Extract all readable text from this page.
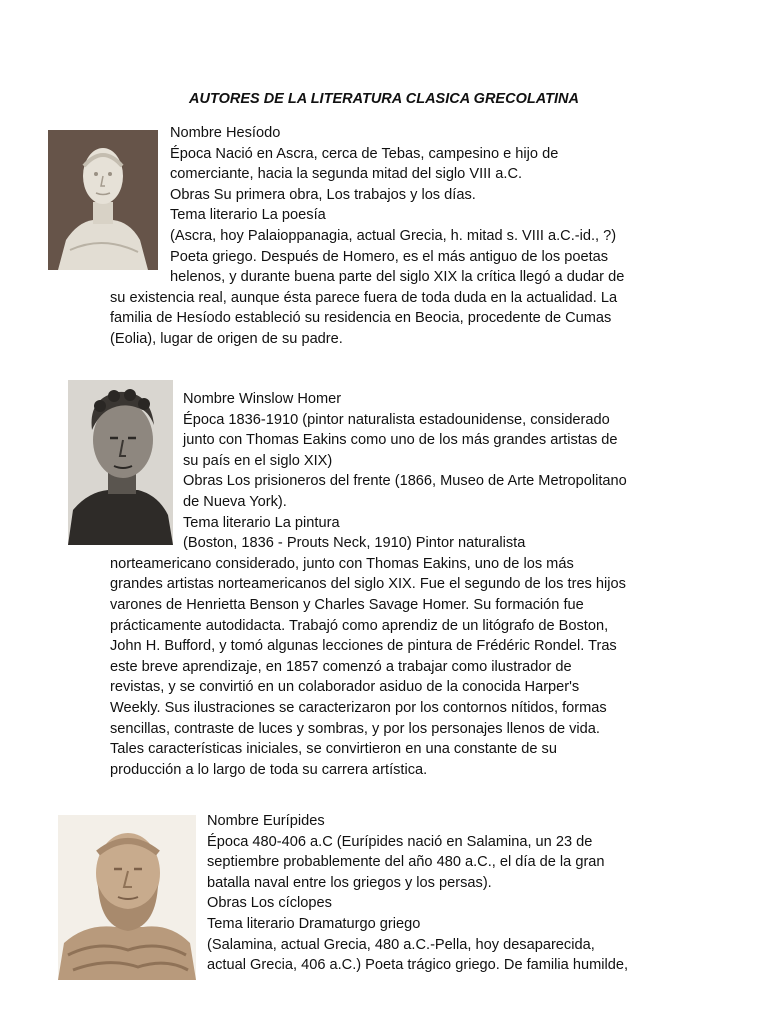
AUTORES DE LA LITERATURA CLASICA GRECOLATINA

Nombre Hesíodo

Época Nació en Ascra, cerca de Tebas, campesino e hijo de

comerciante, hacia la segunda mitad del siglo VIII a.C.

Obras Su primera obra, Los trabajos y los días.

Tema literario La poesía

(Ascra, hoy Palaioppanagia, actual Grecia, h. mitad s. VIII a.C.-id., ?)

Poeta griego. Después de Homero, es el más antiguo de los poetas

helenos, y durante buena parte del siglo XIX la crítica llegó a dudar de

su existencia real, aunque ésta parece fuera de toda duda en la actualidad. La

familia de Hesíodo estableció su residencia en Beocia, procedente de Cumas

(Eolia), lugar de origen de su padre.

Nombre Winslow Homer

Época 1836-1910 (pintor naturalista estadounidense, considerado

junto con Thomas Eakins como uno de los más grandes artistas de

su país en el siglo XIX)

Obras Los prisioneros del frente (1866, Museo de Arte Metropolitano

de Nueva York).

Tema literario La pintura

(Boston, 1836 - Prouts Neck, 1910) Pintor naturalista

norteamericano considerado, junto con Thomas Eakins, uno de los más

grandes artistas norteamericanos del siglo XIX. Fue el segundo de los tres hijos

varones de Henrietta Benson y Charles Savage Homer. Su formación fue

prácticamente autodidacta. Trabajó como aprendiz de un litógrafo de Boston,

John H. Bufford, y tomó algunas lecciones de pintura de Frédéric Rondel. Tras

este breve aprendizaje, en 1857 comenzó a trabajar como ilustrador de

revistas, y se convirtió en un colaborador asiduo de la conocida Harper's

Weekly. Sus ilustraciones se caracterizaron por los contornos nítidos, formas

sencillas, contraste de luces y sombras, y por los personajes llenos de vida.

Tales características iniciales, se convirtieron en una constante de su

producción a lo largo de toda su carrera artística.

Nombre Eurípides

Época 480-406 a.C (Eurípides nació en Salamina, un 23 de

septiembre probablemente del año 480 a.C., el día de la gran

batalla naval entre los griegos y los persas).

Obras Los cíclopes

Tema literario Dramaturgo griego

(Salamina, actual Grecia, 480 a.C.-Pella, hoy desaparecida,

actual Grecia, 406 a.C.) Poeta trágico griego. De familia humilde,
